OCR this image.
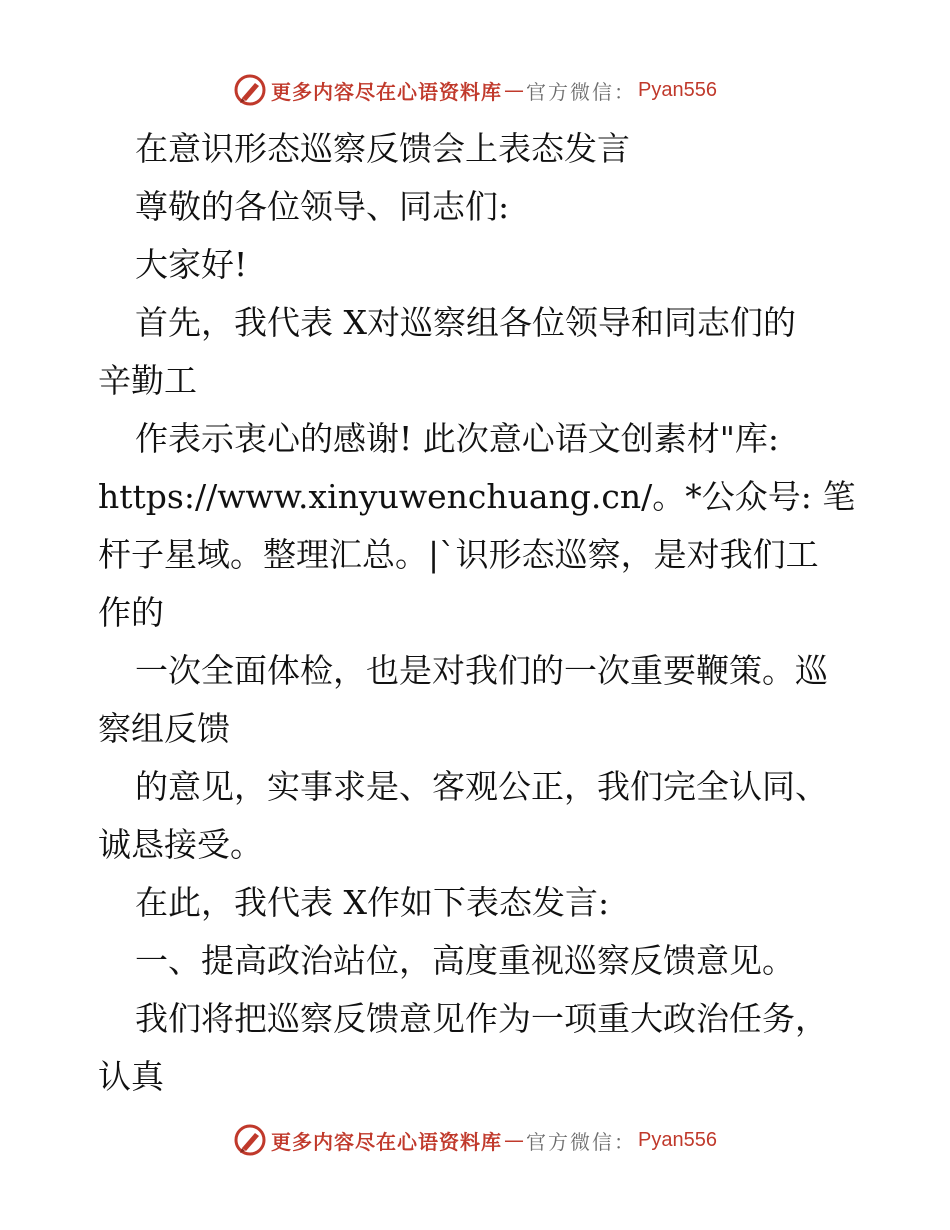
更多内容尽在心语资料库 — 官方微信： Pyan556
在意识形态巡察反馈会上表态发言
尊敬的各位领导、同志们:
大家好!
首先，我代表 X对巡察组各位领导和同志们的
辛勤工
作表示衷心的感谢! 此次意心语文创素材"库:
https://www.xinyuwenchuang.cn/。*公众号: 笔
杆子星域。整理汇总。|`识形态巡察，是对我们工
作的
一次全面体检，也是对我们的一次重要鞭策。巡
察组反馈
的意见，实事求是、客观公正，我们完全认同、
诚恳接受。
在此，我代表 X作如下表态发言:
一、提高政治站位，高度重视巡察反馈意见。
我们将把巡察反馈意见作为一项重大政治任务，
认真
更多内容尽在心语资料库 — 官方微信： Pyan556
